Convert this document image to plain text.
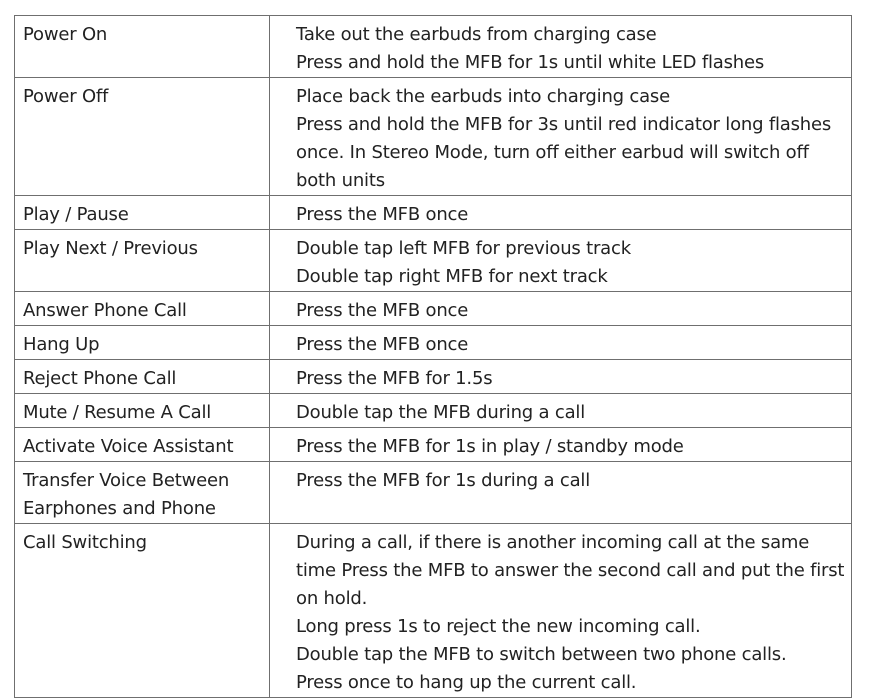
Power On	Take out the earbuds from charging case
Press and hold the MFB for 1s until white LED flashes

Power Off	Place back the earbuds into charging case
Press and hold the MFB for 3s until red indicator long flashes once. In Stereo Mode, turn off either earbud will switch off both units

Play / Pause	Press the MFB once

Play Next / Previous	Double tap left MFB for previous track
Double tap right MFB for next track

Answer Phone Call	Press the MFB once

Hang Up	Press the MFB once

Reject Phone Call	Press the MFB for 1.5s

Mute / Resume A Call	Double tap the MFB during a call

Activate Voice Assistant	Press the MFB for 1s in play / standby mode

Transfer Voice Between Earphones and Phone	Press the MFB for 1s during a call

Call Switching	During a call, if there is another incoming call at the same time Press the MFB to answer the second call and put the first on hold.
Long press 1s to reject the new incoming call.
Double tap the MFB to switch between two phone calls.
Press once to hang up the current call.
